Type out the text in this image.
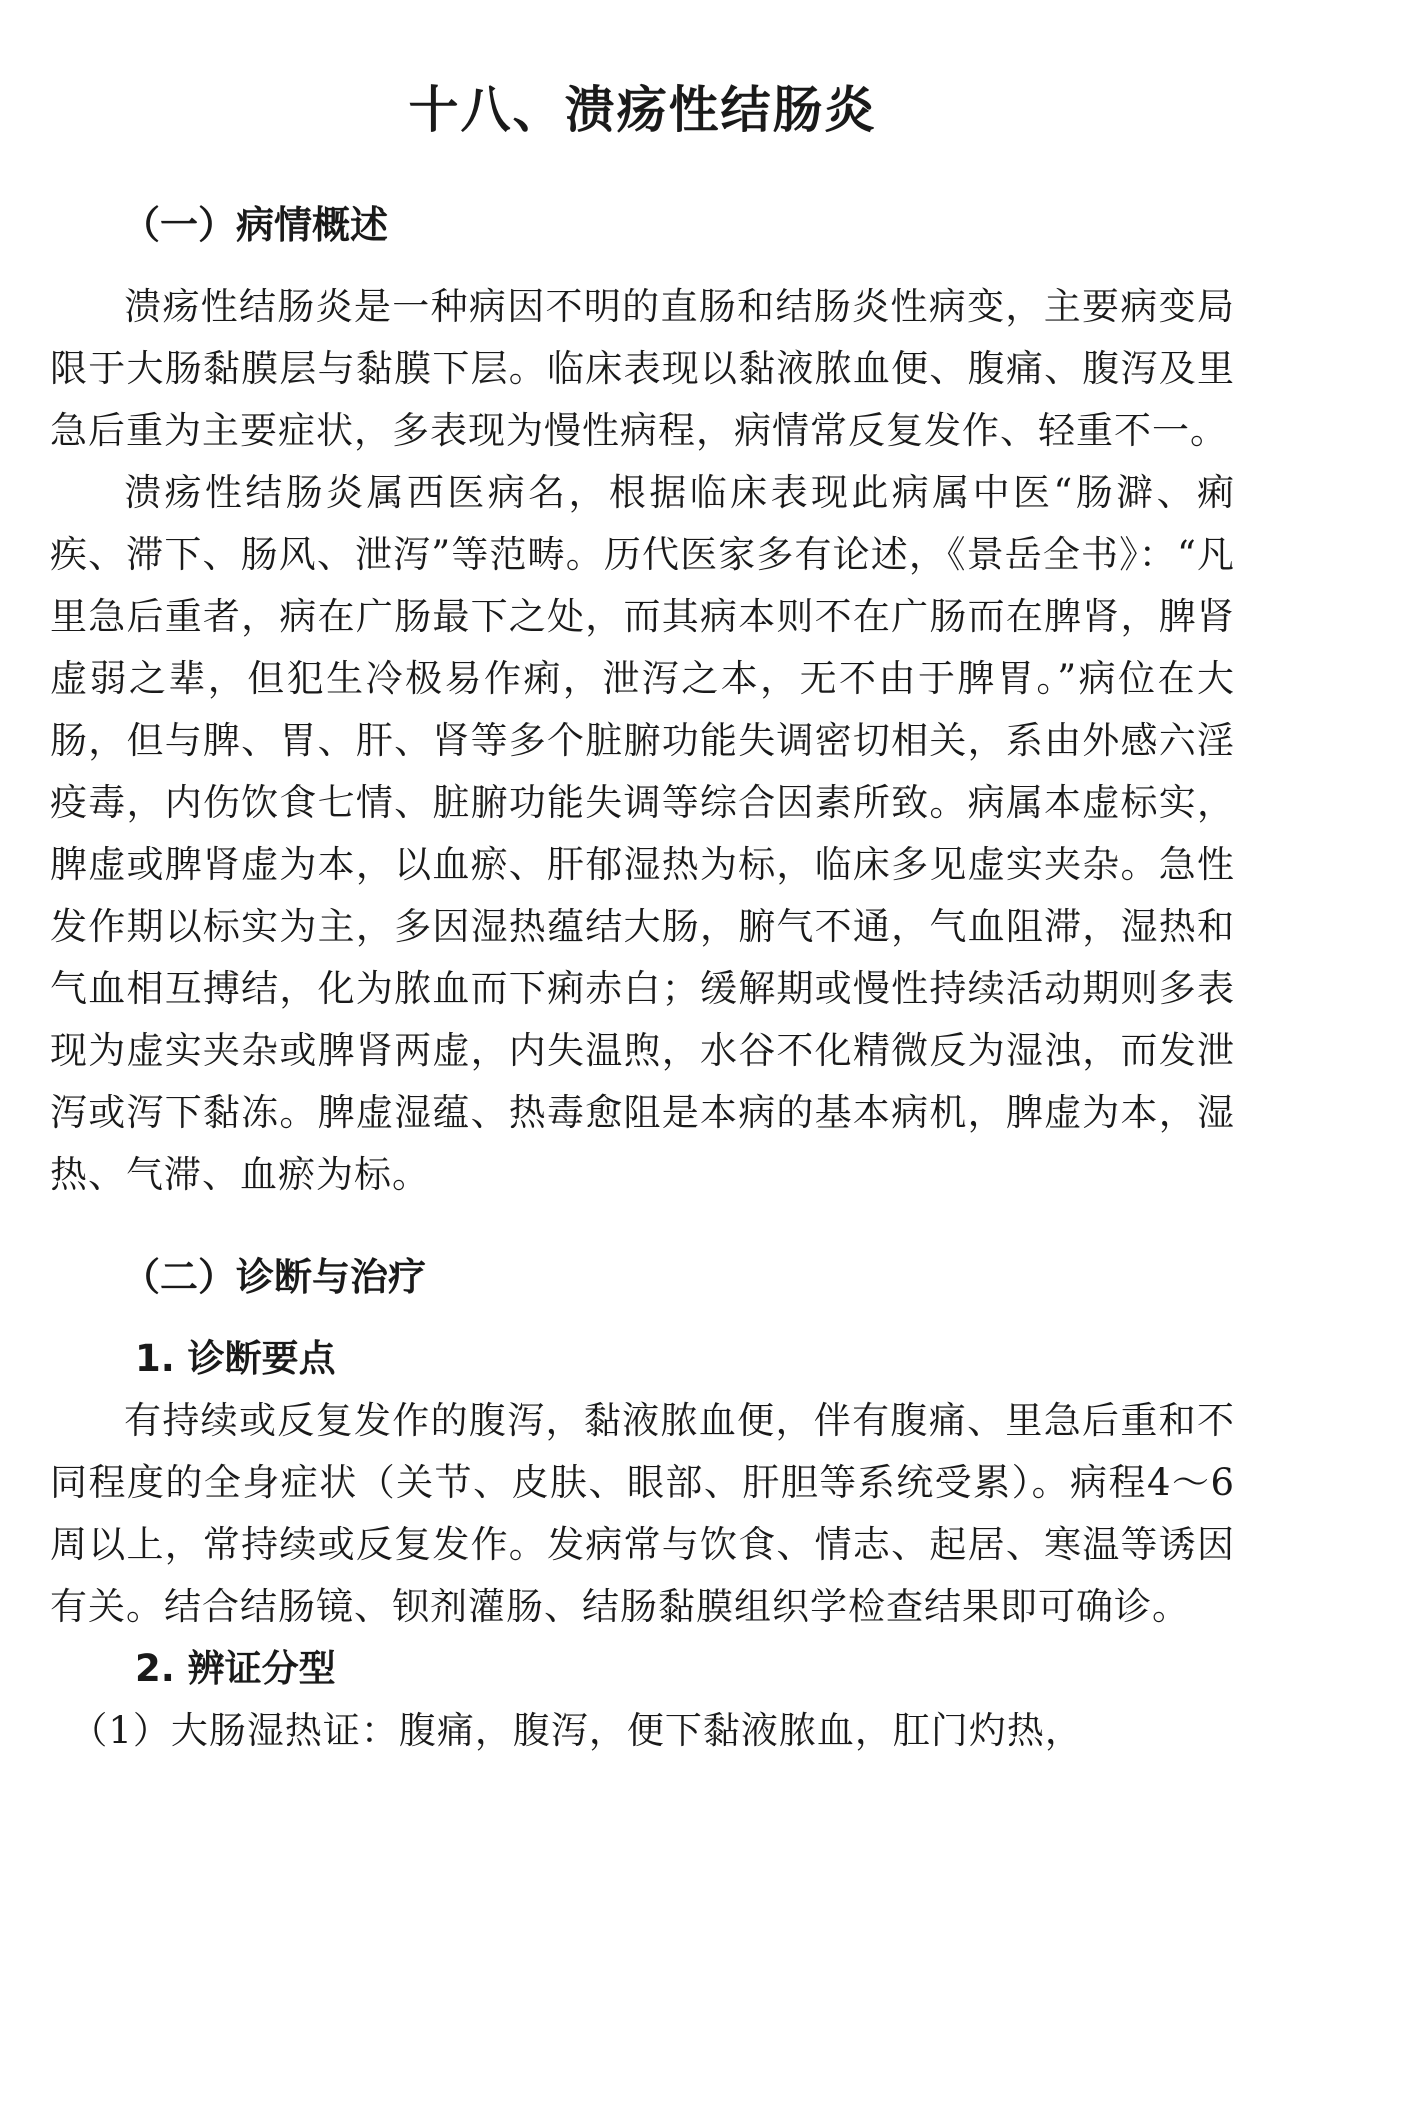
十八、溃疡性结肠炎
（一）病情概述

溃疡性结肠炎是一种病因不明的直肠和结肠炎性病变，主要病变局限于大肠黏膜层与黏膜下层。临床表现以黏液脓血便、腹痛、腹泻及里急后重为主要症状，多表现为慢性病程，病情常反复发作、轻重不一。

溃疡性结肠炎属西医病名，根据临床表现此病属中医“肠澼、痢疾、滞下、肠风、泄泻”等范畴。历代医家多有论述，《景岳全书》：“凡里急后重者，病在广肠最下之处，而其病本则不在广肠而在脾肾，脾肾虚弱之辈，但犯生冷极易作痢，泄泻之本，无不由于脾胃。”病位在大肠，但与脾、胃、肝、肾等多个脏腑功能失调密切相关，系由外感六淫疫毒，内伤饮食七情、脏腑功能失调等综合因素所致。病属本虚标实，脾虚或脾肾虚为本，以血瘀、肝郁湿热为标，临床多见虚实夹杂。急性发作期以标实为主，多因湿热蕴结大肠，腑气不通，气血阻滞，湿热和气血相互搏结，化为脓血而下痢赤白；缓解期或慢性持续活动期则多表现为虚实夹杂或脾肾两虚，内失温煦，水谷不化精微反为湿浊，而发泄泻或泻下黏冻。脾虚湿蕴、热毒愈阻是本病的基本病机，脾虚为本，湿热、气滞、血瘀为标。

（二）诊断与治疗
1. 诊断要点

有持续或反复发作的腹泻，黏液脓血便，伴有腹痛、里急后重和不同程度的全身症状（关节、皮肤、眼部、肝胆等系统受累）。病程4～6周以上，常持续或反复发作。发病常与饮食、情志、起居、寒温等诱因有关。结合结肠镜、钡剂灌肠、结肠黏膜组织学检查结果即可确诊。

2. 辨证分型

（1）大肠湿热证：腹痛，腹泻，便下黏液脓血，肛门灼热，
